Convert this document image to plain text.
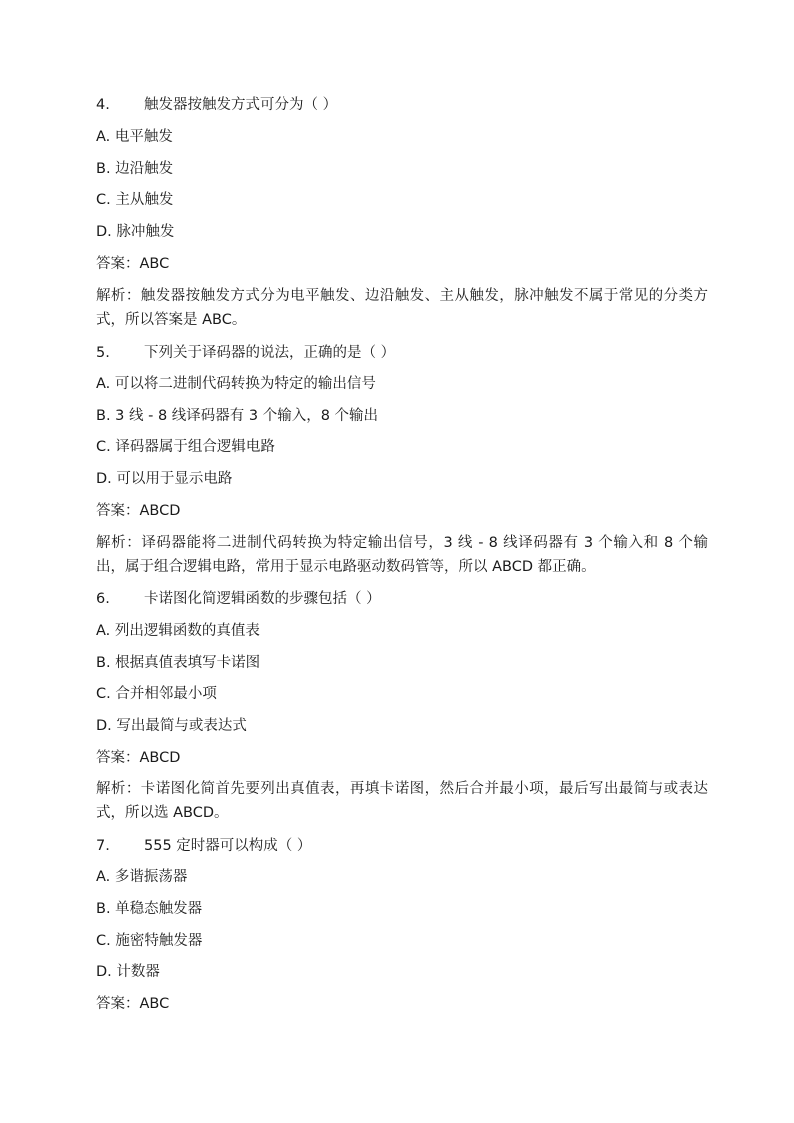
4. 触发器按触发方式可分为（ ）
A. 电平触发
B. 边沿触发
C. 主从触发
D. 脉冲触发
答案：ABC
解析：触发器按触发方式分为电平触发、边沿触发、主从触发，脉冲触发不属于常见的分类方式，所以答案是 ABC。
5. 下列关于译码器的说法，正确的是（ ）
A. 可以将二进制代码转换为特定的输出信号
B. 3 线 - 8 线译码器有 3 个输入，8 个输出
C. 译码器属于组合逻辑电路
D. 可以用于显示电路
答案：ABCD
解析：译码器能将二进制代码转换为特定输出信号，3 线 - 8 线译码器有 3 个输入和 8 个输出，属于组合逻辑电路，常用于显示电路驱动数码管等，所以 ABCD 都正确。
6. 卡诺图化简逻辑函数的步骤包括（ ）
A. 列出逻辑函数的真值表
B. 根据真值表填写卡诺图
C. 合并相邻最小项
D. 写出最简与或表达式
答案：ABCD
解析：卡诺图化简首先要列出真值表，再填卡诺图，然后合并最小项，最后写出最简与或表达式，所以选 ABCD。
7. 555 定时器可以构成（ ）
A. 多谐振荡器
B. 单稳态触发器
C. 施密特触发器
D. 计数器
答案：ABC
